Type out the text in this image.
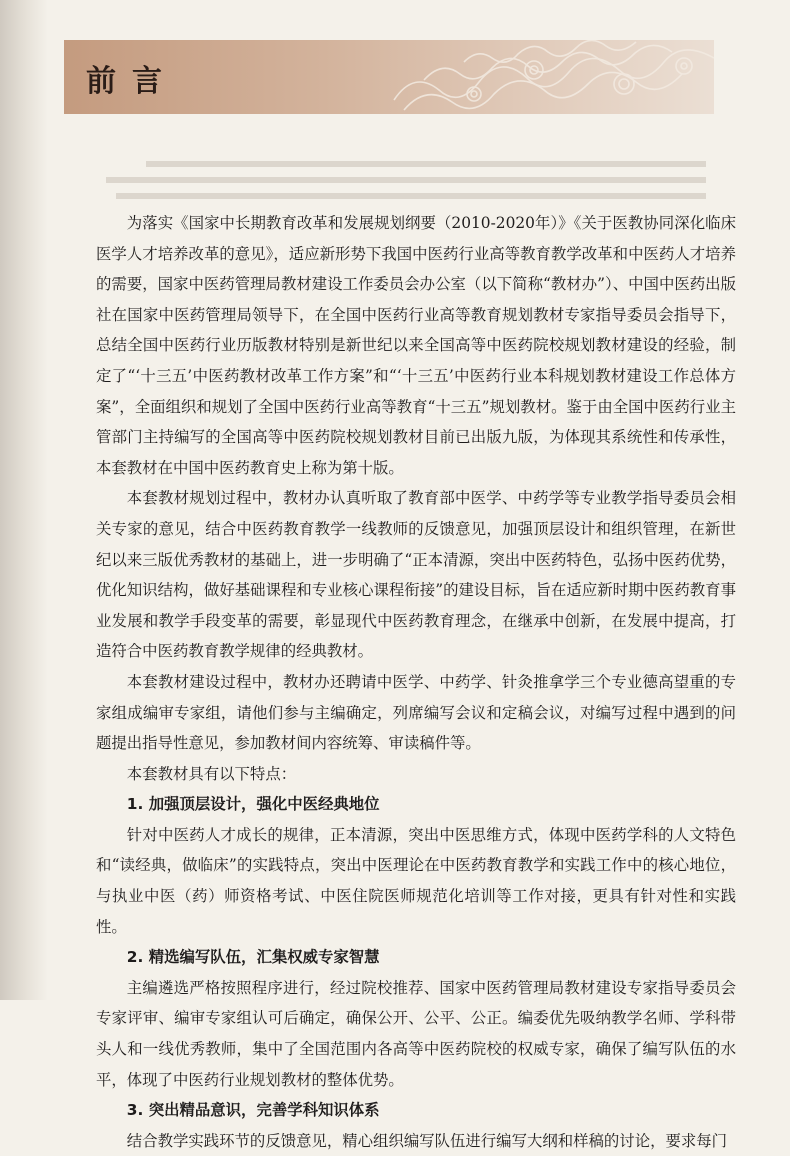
前言

为落实《国家中长期教育改革和发展规划纲要（2010-2020年）》《关于医教协同深化临床医学人才培养改革的意见》，适应新形势下我国中医药行业高等教育教学改革和中医药人才培养的需要，国家中医药管理局教材建设工作委员会办公室（以下简称“教材办”）、中国中医药出版社在国家中医药管理局领导下，在全国中医药行业高等教育规划教材专家指导委员会指导下，总结全国中医药行业历版教材特别是新世纪以来全国高等中医药院校规划教材建设的经验，制定了“‘十三五’中医药教材改革工作方案”和“‘十三五’中医药行业本科规划教材建设工作总体方案”，全面组织和规划了全国中医药行业高等教育“十三五”规划教材。鉴于由全国中医药行业主管部门主持编写的全国高等中医药院校规划教材目前已出版九版，为体现其系统性和传承性，本套教材在中国中医药教育史上称为第十版。

本套教材规划过程中，教材办认真听取了教育部中医学、中药学等专业教学指导委员会相关专家的意见，结合中医药教育教学一线教师的反馈意见，加强顶层设计和组织管理，在新世纪以来三版优秀教材的基础上，进一步明确了“正本清源，突出中医药特色，弘扬中医药优势，优化知识结构，做好基础课程和专业核心课程衔接”的建设目标，旨在适应新时期中医药教育事业发展和教学手段变革的需要，彰显现代中医药教育理念，在继承中创新，在发展中提高，打造符合中医药教育教学规律的经典教材。

本套教材建设过程中，教材办还聘请中医学、中药学、针灸推拿学三个专业德高望重的专家组成编审专家组，请他们参与主编确定，列席编写会议和定稿会议，对编写过程中遇到的问题提出指导性意见，参加教材间内容统筹、审读稿件等。

本套教材具有以下特点：

1. 加强顶层设计，强化中医经典地位

针对中医药人才成长的规律，正本清源，突出中医思维方式，体现中医药学科的人文特色和“读经典，做临床”的实践特点，突出中医理论在中医药教育教学和实践工作中的核心地位，与执业中医（药）师资格考试、中医住院医师规范化培训等工作对接，更具有针对性和实践性。

2. 精选编写队伍，汇集权威专家智慧

主编遴选严格按照程序进行，经过院校推荐、国家中医药管理局教材建设专家指导委员会专家评审、编审专家组认可后确定，确保公开、公平、公正。编委优先吸纳教学名师、学科带头人和一线优秀教师，集中了全国范围内各高等中医药院校的权威专家，确保了编写队伍的水平，体现了中医药行业规划教材的整体优势。

3. 突出精品意识，完善学科知识体系

结合教学实践环节的反馈意见，精心组织编写队伍进行编写大纲和样稿的讨论，要求每门
